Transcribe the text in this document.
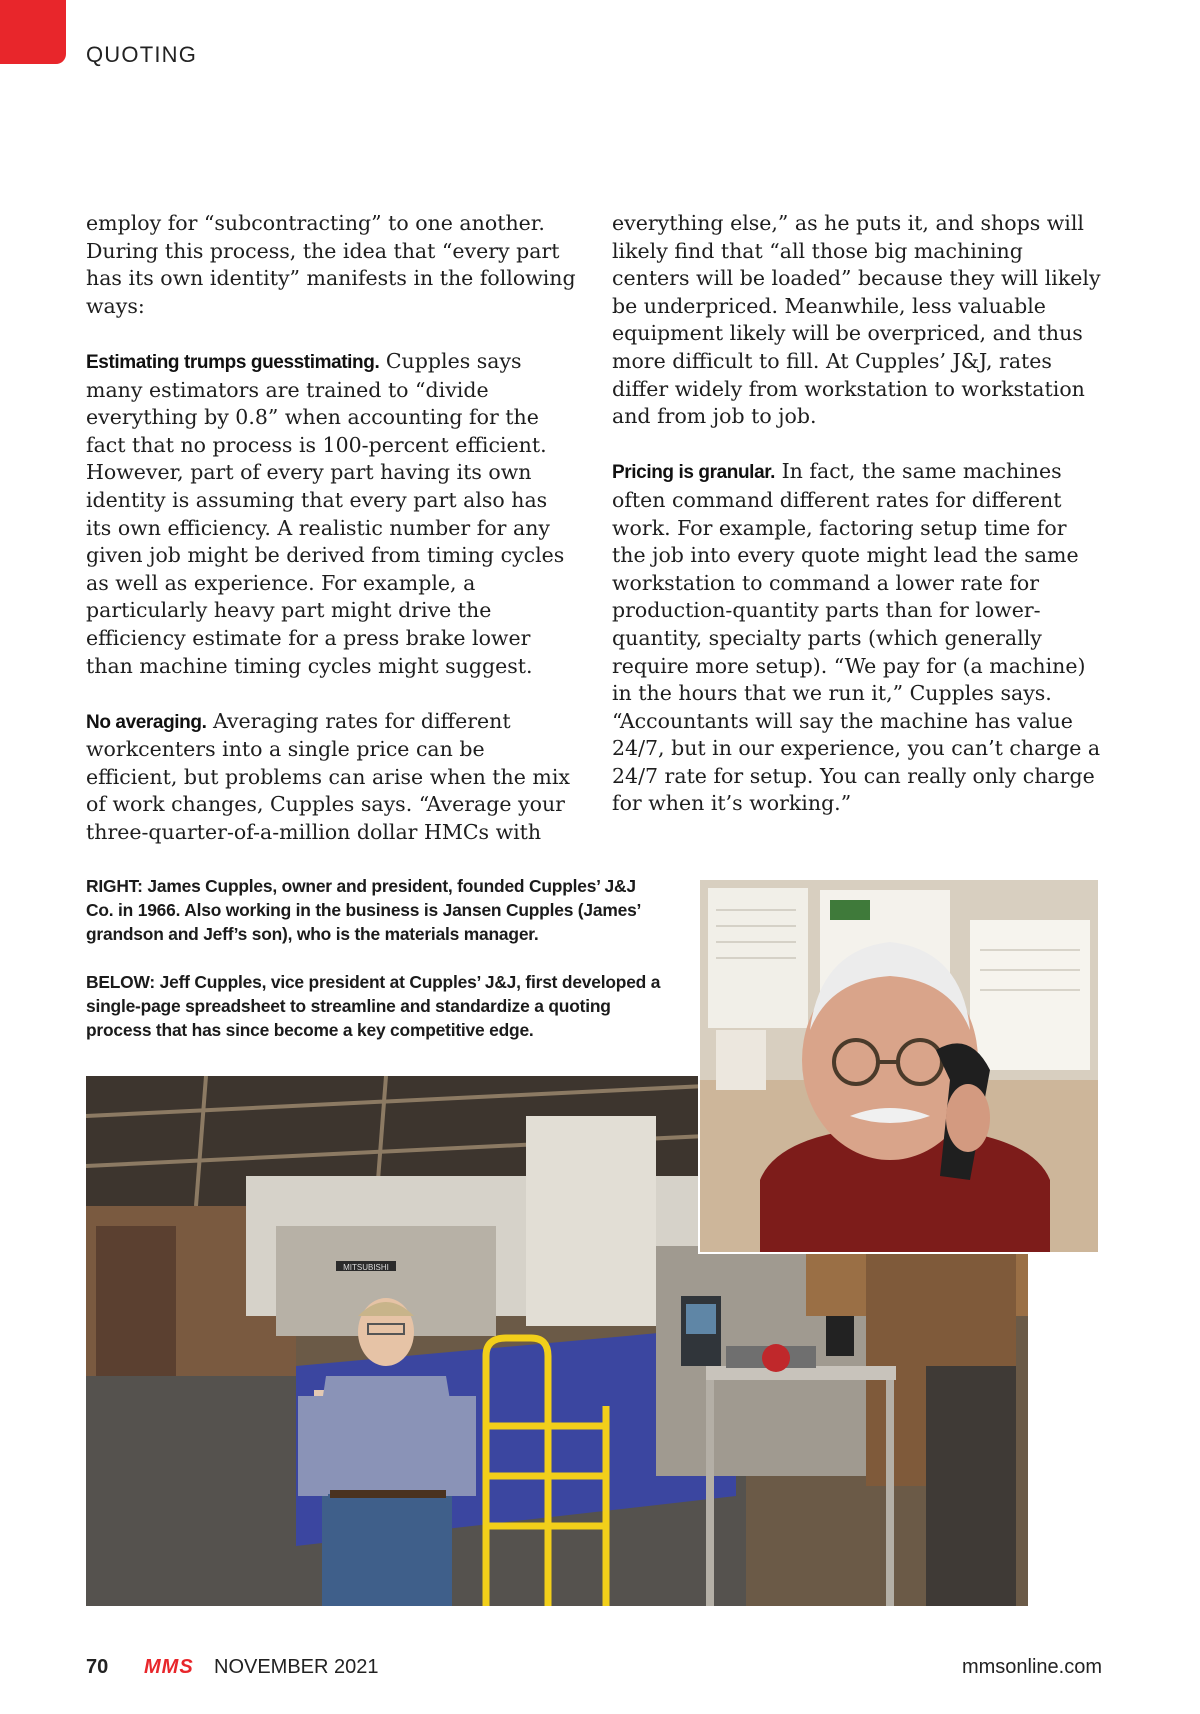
QUOTING

employ for “subcontracting” to one another. During this process, the idea that “every part has its own identity” manifests in the following ways:

Estimating trumps guesstimating. Cupples says many estimators are trained to “divide everything by 0.8” when accounting for the fact that no process is 100-percent efficient. However, part of every part having its own identity is assuming that every part also has its own efficiency. A realistic number for any given job might be derived from timing cycles as well as experience. For example, a particularly heavy part might drive the efficiency estimate for a press brake lower than machine timing cycles might suggest.

No averaging. Averaging rates for different workcenters into a single price can be efficient, but problems can arise when the mix of work changes, Cupples says. “Average your three-quarter-of-a-million dollar HMCs with

everything else,” as he puts it, and shops will likely find that “all those big machining centers will be loaded” because they will likely be underpriced. Meanwhile, less valuable equipment likely will be overpriced, and thus more difficult to fill. At Cupples’ J&J, rates differ widely from workstation to workstation and from job to job.

Pricing is granular. In fact, the same machines often command different rates for different work. For example, factoring setup time for the job into every quote might lead the same workstation to command a lower rate for production-quantity parts than for lower-quantity, specialty parts (which generally require more setup). “We pay for (a machine) in the hours that we run it,” Cupples says. “Accountants will say the machine has value 24/7, but in our experience, you can’t charge a 24/7 rate for setup. You can really only charge for when it’s working.”

RIGHT: James Cupples, owner and president, founded Cupples’ J&J Co. in 1966. Also working in the business is Jansen Cupples (James’ grandson and Jeff’s son), who is the materials manager.

BELOW: Jeff Cupples, vice president at Cupples’ J&J, first developed a single-page spreadsheet to streamline and standardize a quoting process that has since become a key competitive edge.

MITSUBISHI
70 MMS NOVEMBER 2021	mmsonline.com
